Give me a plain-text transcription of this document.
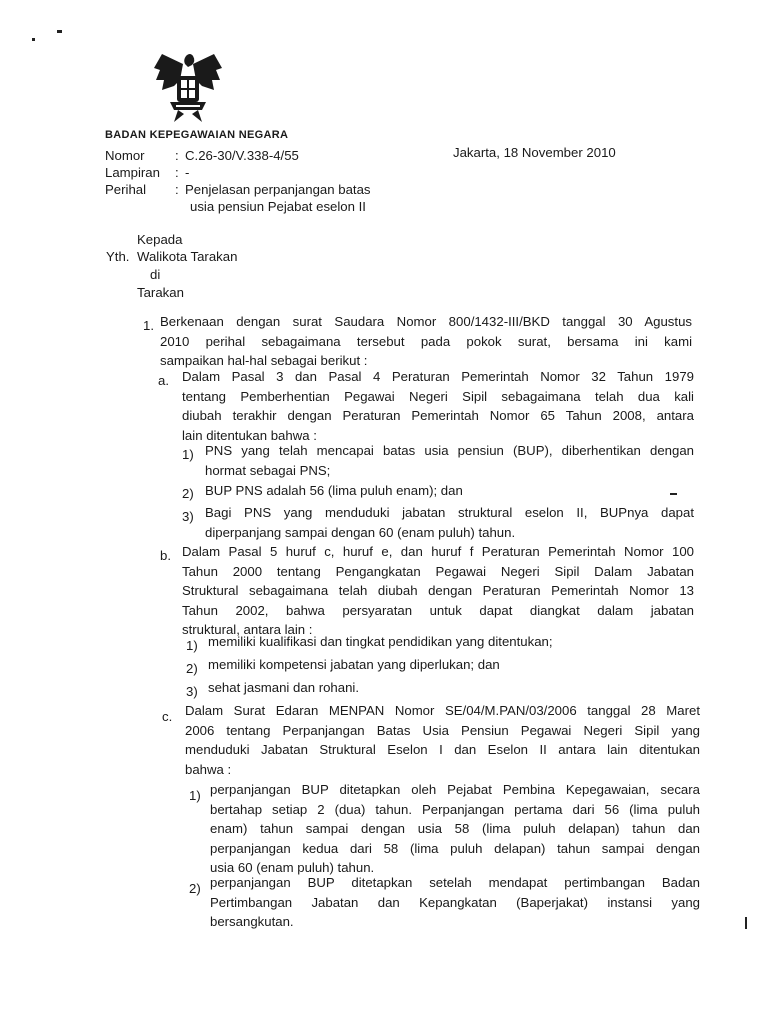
BADAN KEPEGAWAIAN NEGARA
Nomor : C.26-30/V.338-4/55
Lampiran : -
Perihal : Penjelasan perpanjangan batas
usia pensiun Pejabat eselon II
Jakarta, 18 November 2010
Kepada
Yth. Walikota Tarakan
di
Tarakan
1. Berkenaan dengan surat Saudara Nomor 800/1432-III/BKD tanggal 30 Agustus
2010 perihal sebagaimana tersebut pada pokok surat, bersama ini kami
sampaikan hal-hal sebagai berikut :
a. Dalam Pasal 3 dan Pasal 4 Peraturan Pemerintah Nomor 32 Tahun 1979
tentang Pemberhentian Pegawai Negeri Sipil sebagaimana telah dua kali
diubah terakhir dengan Peraturan Pemerintah Nomor 65 Tahun 2008, antara
lain ditentukan bahwa :
1) PNS yang telah mencapai batas usia pensiun (BUP), diberhentikan dengan
hormat sebagai PNS;
2) BUP PNS adalah 56 (lima puluh enam); dan
3) Bagi PNS yang menduduki jabatan struktural eselon II, BUPnya dapat
diperpanjang sampai dengan 60 (enam puluh) tahun.
b. Dalam Pasal 5 huruf c, huruf e, dan huruf f Peraturan Pemerintah Nomor 100
Tahun 2000 tentang Pengangkatan Pegawai Negeri Sipil Dalam Jabatan
Struktural sebagaimana telah diubah dengan Peraturan Pemerintah Nomor 13
Tahun 2002, bahwa persyaratan untuk dapat diangkat dalam jabatan
struktural, antara lain :
1) memiliki kualifikasi dan tingkat pendidikan yang ditentukan;
2) memiliki kompetensi jabatan yang diperlukan; dan
3) sehat jasmani dan rohani.
c. Dalam Surat Edaran MENPAN Nomor SE/04/M.PAN/03/2006 tanggal 28 Maret
2006 tentang Perpanjangan Batas Usia Pensiun Pegawai Negeri Sipil yang
menduduki Jabatan Struktural Eselon I dan Eselon II antara lain ditentukan
bahwa :
1) perpanjangan BUP ditetapkan oleh Pejabat Pembina Kepegawaian, secara
bertahap setiap 2 (dua) tahun. Perpanjangan pertama dari 56 (lima puluh
enam) tahun sampai dengan usia 58 (lima puluh delapan) tahun dan
perpanjangan kedua dari 58 (lima puluh delapan) tahun sampai dengan
usia 60 (enam puluh) tahun.
2) perpanjangan BUP ditetapkan setelah mendapat pertimbangan Badan
Pertimbangan Jabatan dan Kepangkatan (Baperjakat) instansi yang
bersangkutan.
